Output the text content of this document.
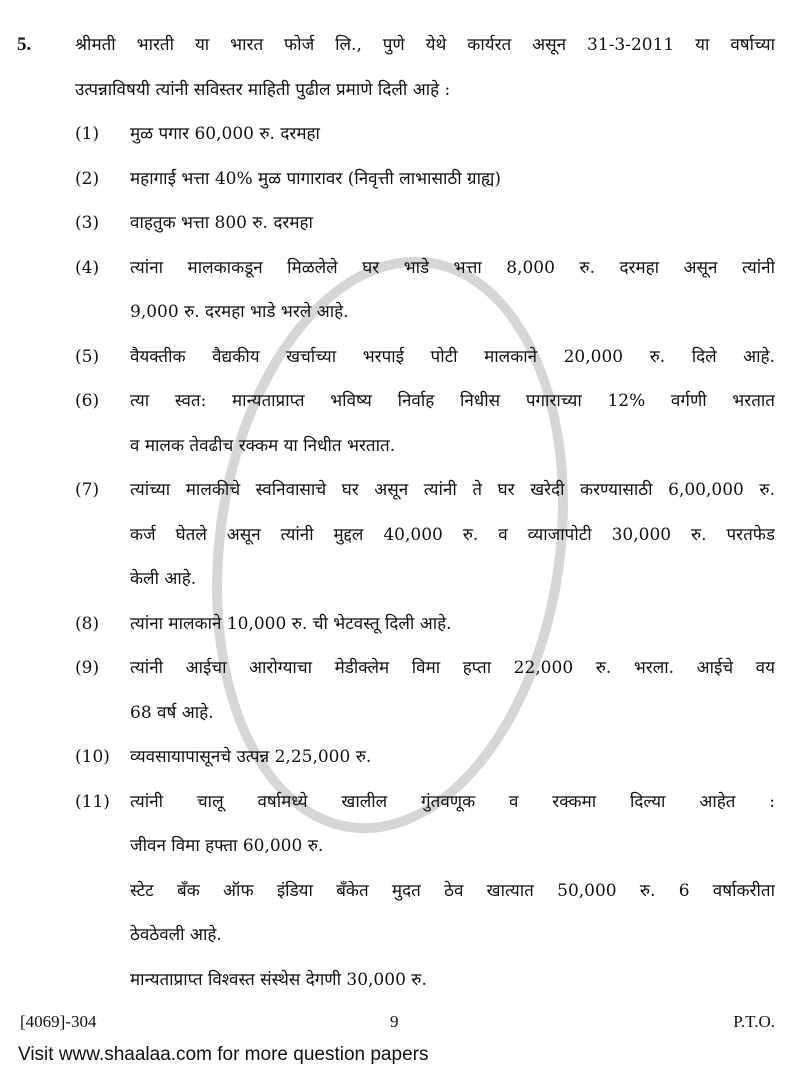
5.	श्रीमती भारती या भारत फोर्ज लि., पुणे येथे कार्यरत असून 31-3-2011 या वर्षाच्या
उत्पन्नाविषयी त्यांनी सविस्तर माहिती पुढील प्रमाणे दिली आहे :
(1) मुळ पगार 60,000 रु. दरमहा
(2) महागाई भत्ता 40% मुळ पागारावर (निवृत्ती लाभासाठी ग्राह्य)
(3) वाहतुक भत्ता 800 रु. दरमहा
(4) त्यांना मालकाकडून मिळलेले घर भाडे भत्ता 8,000 रु. दरमहा असून त्यांनी
9,000 रु. दरमहा भाडे भरले आहे.
(5) वैयक्तीक वैद्यकीय खर्चाच्या भरपाई पोटी मालकाने 20,000 रु. दिले आहे.
(6) त्या स्वत: मान्यताप्राप्त भविष्य निर्वाह निधीस पगाराच्या 12% वर्गणी भरतात
व मालक तेवढीच रक्कम या निधीत भरतात.
(7) त्यांच्या मालकीचे स्वनिवासाचे घर असून त्यांनी ते घर खरेदी करण्यासाठी 6,00,000 रु.
कर्ज घेतले असून त्यांनी मुद्दल 40,000 रु. व व्याजापोटी 30,000 रु. परतफेड
केली आहे.
(8) त्यांना मालकाने 10,000 रु. ची भेटवस्तू दिली आहे.
(9) त्यांनी आईचा आरोग्याचा मेडीक्लेम विमा हप्ता 22,000 रु. भरला. आईचे वय
68 वर्ष आहे.
(10) व्यवसायापासूनचे उत्पन्न 2,25,000 रु.
(11) त्यांनी चालू वर्षामध्ये खालील गुंतवणूक व रक्कमा दिल्या आहेत :
जीवन विमा हफ्ता 60,000 रु.
स्टेट बँक ऑफ इंडिया बँकेत मुदत ठेव खात्यात 50,000 रु. 6 वर्षाकरीता
ठेवठेवली आहे.
मान्यताप्राप्त विश्वस्त संस्थेस देगणी 30,000 रु.
[4069]-304	9	P.T.O.
Visit www.shaalaa.com for more question papers
